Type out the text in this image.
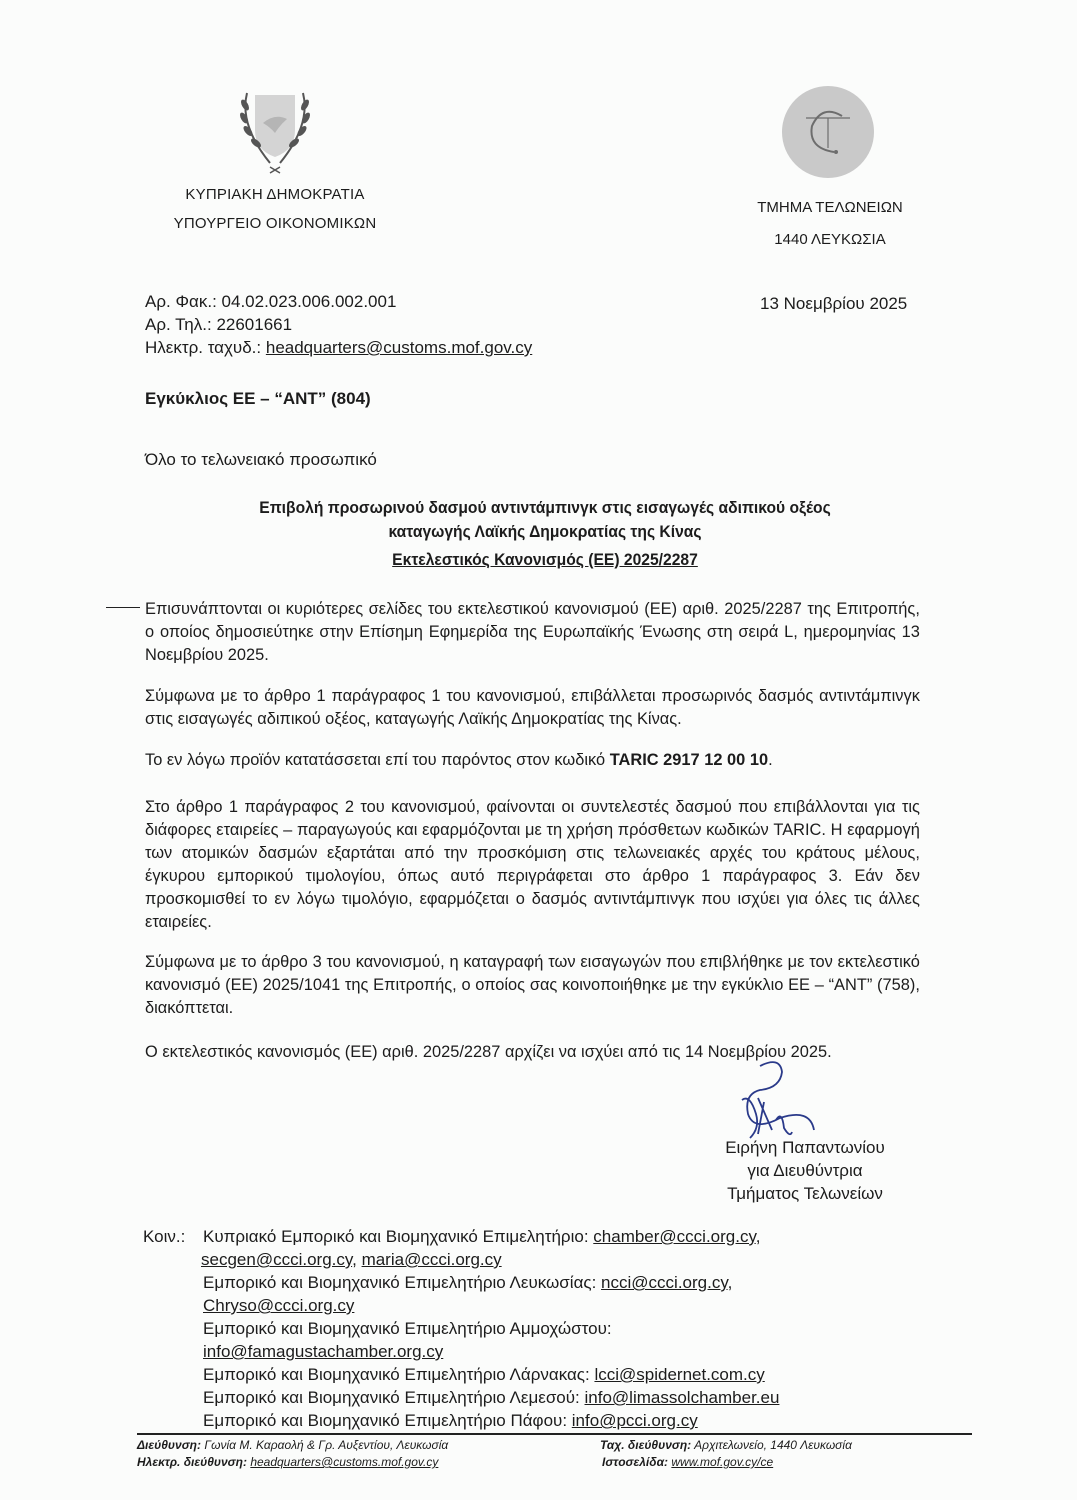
ΚΥΠΡΙΑΚΗ ΔΗΜΟΚΡΑΤΙΑ
ΥΠΟΥΡΓΕΙΟ ΟΙΚΟΝΟΜΙΚΩΝ
ΤΜΗΜΑ ΤΕΛΩΝΕΙΩΝ
1440 ΛΕΥΚΩΣΙΑ
Αρ. Φακ.: 04.02.023.006.002.001
Αρ. Τηλ.: 22601661
Ηλεκτρ. ταχυδ.: headquarters@customs.mof.gov.cy
13 Νοεμβρίου 2025
Εγκύκλιος ΕΕ – “ΑΝΤ” (804)
Όλο το τελωνειακό προσωπικό
Επιβολή προσωρινού δασμού αντιντάμπινγκ στις εισαγωγές αδιπικού οξέος
καταγωγής Λαϊκής Δημοκρατίας της Κίνας
Εκτελεστικός Κανονισμός (ΕΕ) 2025/2287
Επισυνάπτονται οι κυριότερες σελίδες του εκτελεστικού κανονισμού (ΕΕ) αριθ. 2025/2287 της Επιτροπής, ο οποίος δημοσιεύτηκε στην Επίσημη Εφημερίδα της Ευρωπαϊκής Ένωσης στη σειρά L, ημερομηνίας 13 Νοεμβρίου 2025.
Σύμφωνα με το άρθρο 1 παράγραφος 1 του κανονισμού, επιβάλλεται προσωρινός δασμός αντιντάμπινγκ στις εισαγωγές αδιπικού οξέος, καταγωγής Λαϊκής Δημοκρατίας της Κίνας.
Το εν λόγω προϊόν κατατάσσεται επί του παρόντος στον κωδικό TARIC 2917 12 00 10.
Στο άρθρο 1 παράγραφος 2 του κανονισμού, φαίνονται οι συντελεστές δασμού που επιβάλλονται για τις διάφορες εταιρείες – παραγωγούς και εφαρμόζονται με τη χρήση πρόσθετων κωδικών TARIC. Η εφαρμογή των ατομικών δασμών εξαρτάται από την προσκόμιση στις τελωνειακές αρχές του κράτους μέλους, έγκυρου εμπορικού τιμολογίου, όπως αυτό περιγράφεται στο άρθρο 1 παράγραφος 3. Εάν δεν προσκομισθεί το εν λόγω τιμολόγιο, εφαρμόζεται ο δασμός αντιντάμπινγκ που ισχύει για όλες τις άλλες εταιρείες.
Σύμφωνα με το άρθρο 3 του κανονισμού, η καταγραφή των εισαγωγών που επιβλήθηκε με τον εκτελεστικό κανονισμό (ΕΕ) 2025/1041 της Επιτροπής, ο οποίος σας κοινοποιήθηκε με την εγκύκλιο ΕΕ – “ΑΝΤ” (758), διακόπτεται.
Ο εκτελεστικός κανονισμός (ΕΕ) αριθ. 2025/2287 αρχίζει να ισχύει από τις 14 Νοεμβρίου 2025.
Ειρήνη Παπαντωνίου
για Διευθύντρια
Τμήματος Τελωνείων
Κοιν.: Κυπριακό Εμπορικό και Βιομηχανικό Επιμελητήριο: chamber@ccci.org.cy,
secgen@ccci.org.cy, maria@ccci.org.cy
Εμπορικό και Βιομηχανικό Επιμελητήριο Λευκωσίας: ncci@ccci.org.cy,
Chryso@ccci.org.cy
Εμπορικό και Βιομηχανικό Επιμελητήριο Αμμοχώστου:
info@famagustachamber.org.cy
Εμπορικό και Βιομηχανικό Επιμελητήριο Λάρνακας: lcci@spidernet.com.cy
Εμπορικό και Βιομηχανικό Επιμελητήριο Λεμεσού: info@limassolchamber.eu
Εμπορικό και Βιομηχανικό Επιμελητήριο Πάφου: info@pcci.org.cy
Διεύθυνση: Γωνία Μ. Καραολή & Γρ. Αυξεντίου, Λευκωσία
Ηλεκτρ. διεύθυνση: headquarters@customs.mof.gov.cy
Ταχ. διεύθυνση: Αρχιτελωνείο, 1440 Λευκωσία
Ιστοσελίδα: www.mof.gov.cy/ce
